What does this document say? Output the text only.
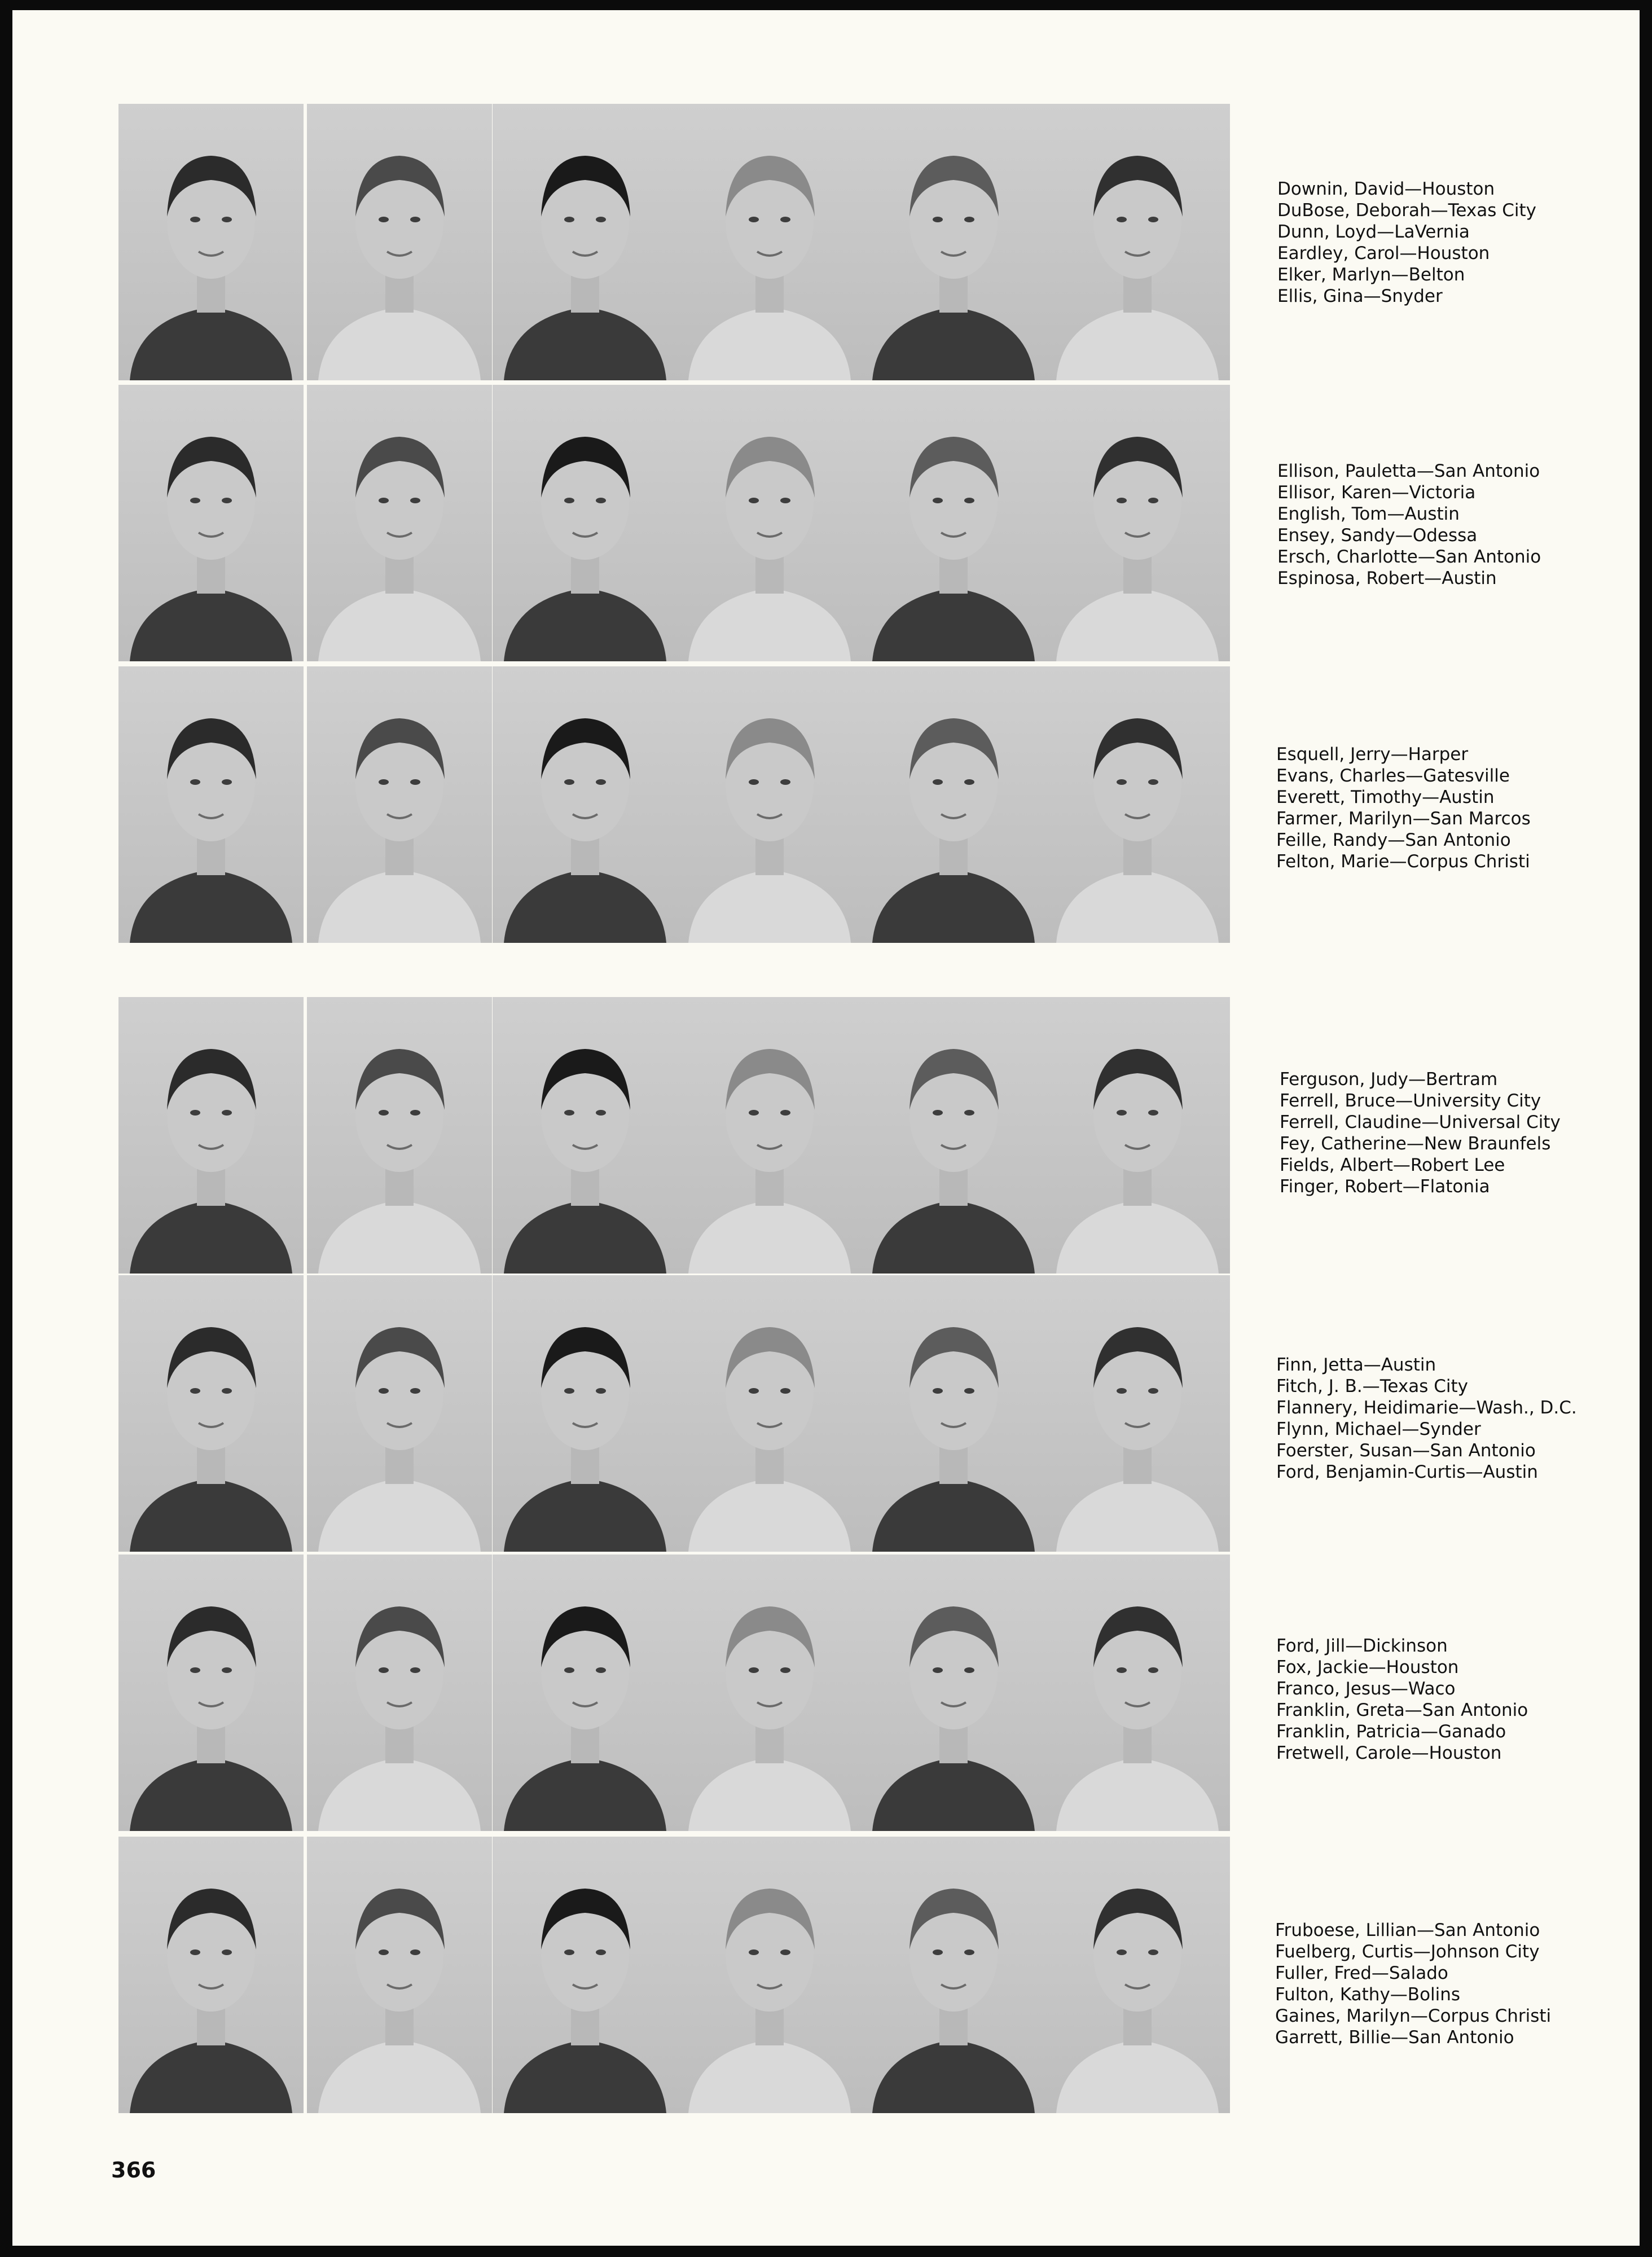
Downin, David—Houston
DuBose, Deborah—Texas City
Dunn, Loyd—LaVernia
Eardley, Carol—Houston
Elker, Marlyn—Belton
Ellis, Gina—Snyder
Ellison, Pauletta—San Antonio
Ellisor, Karen—Victoria
English, Tom—Austin
Ensey, Sandy—Odessa
Ersch, Charlotte—San Antonio
Espinosa, Robert—Austin
Esquell, Jerry—Harper
Evans, Charles—Gatesville
Everett, Timothy—Austin
Farmer, Marilyn—San Marcos
Feille, Randy—San Antonio
Felton, Marie—Corpus Christi
Ferguson, Judy—Bertram
Ferrell, Bruce—University City
Ferrell, Claudine—Universal City
Fey, Catherine—New Braunfels
Fields, Albert—Robert Lee
Finger, Robert—Flatonia
Finn, Jetta—Austin
Fitch, J. B.—Texas City
Flannery, Heidimarie—Wash., D.C.
Flynn, Michael—Synder
Foerster, Susan—San Antonio
Ford, Benjamin-Curtis—Austin
Ford, Jill—Dickinson
Fox, Jackie—Houston
Franco, Jesus—Waco
Franklin, Greta—San Antonio
Franklin, Patricia—Ganado
Fretwell, Carole—Houston
Fruboese, Lillian—San Antonio
Fuelberg, Curtis—Johnson City
Fuller, Fred—Salado
Fulton, Kathy—Bolins
Gaines, Marilyn—Corpus Christi
Garrett, Billie—San Antonio
366
